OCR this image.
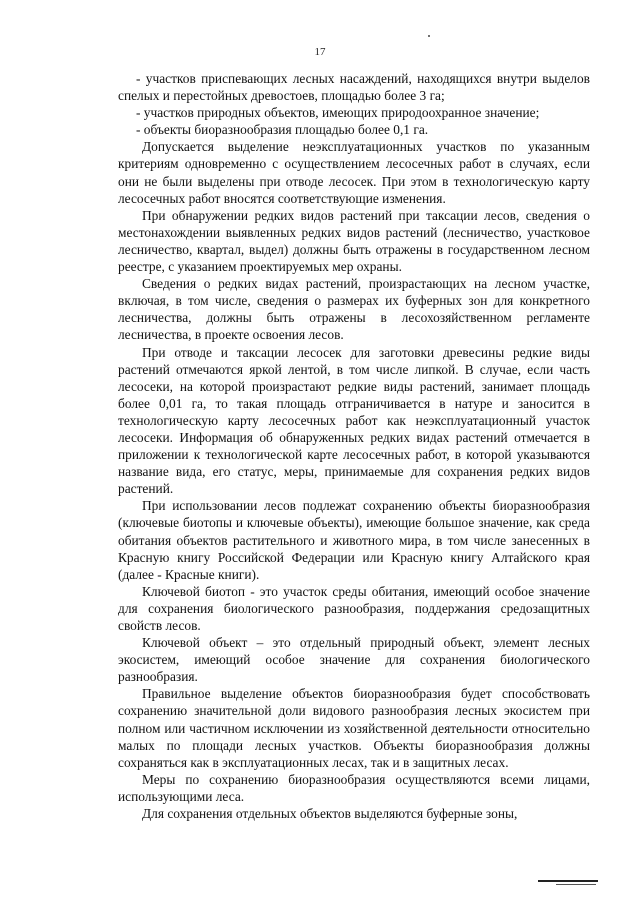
17

- участков приспевающих лесных насаждений, находящихся внутри выделов спелых и перестойных древостоев, площадью более 3 га;

- участков природных объектов, имеющих природоохранное значение;

- объекты биоразнообразия площадью более 0,1 га.

Допускается выделение неэксплуатационных участков по указанным критериям одновременно с осуществлением лесосечных работ в случаях, если они не были выделены при отводе лесосек. При этом в технологическую карту лесосечных работ вносятся соответствующие изменения.

При обнаружении редких видов растений при таксации лесов, сведения о местонахождении выявленных редких видов растений (лесничество, участковое лесничество, квартал, выдел) должны быть отражены в государственном лесном реестре, с указанием проектируемых мер охраны.

Сведения о редких видах растений, произрастающих на лесном участке, включая, в том числе, сведения о размерах их буферных зон для конкретного лесничества, должны быть отражены в лесохозяйственном регламенте лесничества, в проекте освоения лесов.

При отводе и таксации лесосек для заготовки древесины редкие виды растений отмечаются яркой лентой, в том числе липкой. В случае, если часть лесосеки, на которой произрастают редкие виды растений, занимает площадь более 0,01 га, то такая площадь отграничивается в натуре и заносится в технологическую карту лесосечных работ как неэксплуатационный участок лесосеки. Информация об обнаруженных редких видах растений отмечается в приложении к технологической карте лесосечных работ, в которой указываются название вида, его статус, меры, принимаемые для сохранения редких видов растений.

При использовании лесов подлежат сохранению объекты биоразнообразия (ключевые биотопы и ключевые объекты), имеющие большое значение, как среда обитания объектов растительного и животного мира, в том числе занесенных в Красную книгу Российской Федерации или Красную книгу Алтайского края (далее - Красные книги).

Ключевой биотоп - это участок среды обитания, имеющий особое значение для сохранения биологического разнообразия, поддержания средозащитных свойств лесов.

Ключевой объект – это отдельный природный объект, элемент лесных экосистем, имеющий особое значение для сохранения биологического разнообразия.

Правильное выделение объектов биоразнообразия будет способствовать сохранению значительной доли видового разнообразия лесных экосистем при полном или частичном исключении из хозяйственной деятельности относительно малых по площади лесных участков. Объекты биоразнообразия должны сохраняться как в эксплуатационных лесах, так и в защитных лесах.

Меры по сохранению биоразнообразия осуществляются всеми лицами, использующими леса.

Для сохранения отдельных объектов выделяются буферные зоны,
